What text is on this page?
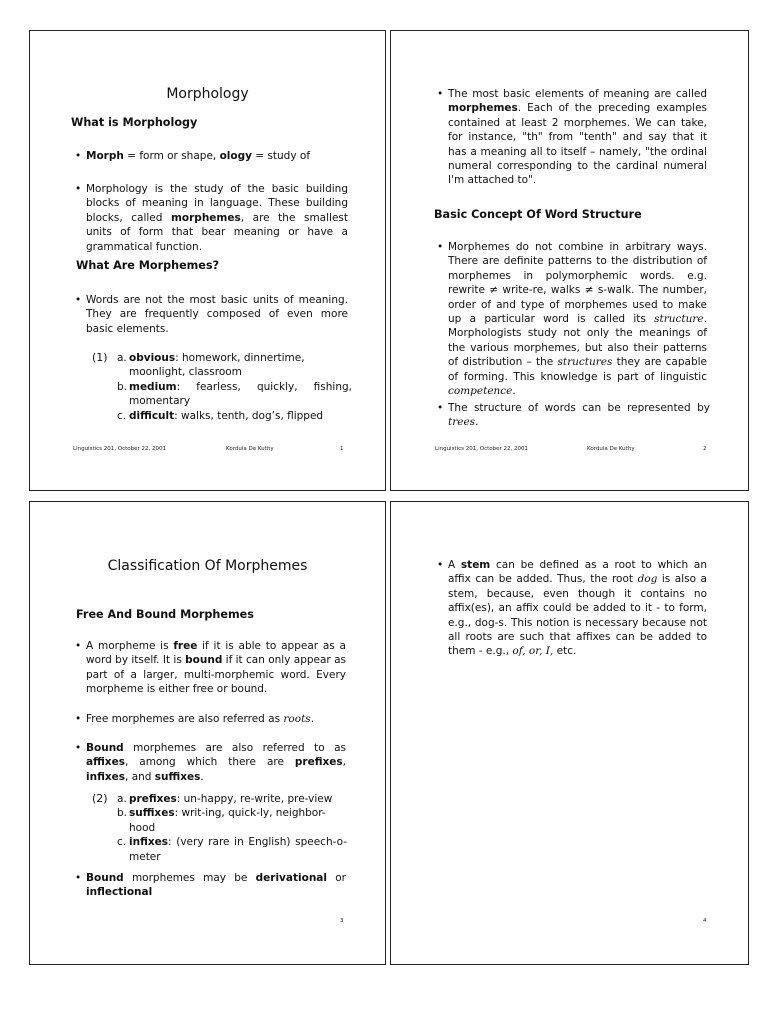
Morphology
What is Morphology
• Morph = form or shape, ology = study of
• Morphology is the study of the basic building blocks of meaning in language. These building blocks, called morphemes, are the smallest units of form that bear meaning or have a grammatical function.
What Are Morphemes?
• Words are not the most basic units of meaning. They are frequently composed of even more basic elements.
(1) a. obvious: homework, dinnertime, moonlight, classroom
b. medium: fearless, quickly, fishing, momentary
c. difficult: walks, tenth, dog’s, flipped
Linguistics 201, October 22, 2001	Kordula De Kuthy	1
• The most basic elements of meaning are called morphemes. Each of the preceding examples contained at least 2 morphemes. We can take, for instance, "th" from "tenth" and say that it has a meaning all to itself – namely, "the ordinal numeral corresponding to the cardinal numeral I'm attached to".
Basic Concept Of Word Structure
• Morphemes do not combine in arbitrary ways. There are definite patterns to the distribution of morphemes in polymorphemic words. e.g. rewrite ≠ write-re, walks ≠ s-walk. The number, order of and type of morphemes used to make up a particular word is called its structure. Morphologists study not only the meanings of the various morphemes, but also their patterns of distribution – the structures they are capable of forming. This knowledge is part of linguistic competence.
• The structure of words can be represented by trees.
Linguistics 201, October 22, 2001	Kordula De Kuthy	2
Classification Of Morphemes
Free And Bound Morphemes
• A morpheme is free if it is able to appear as a word by itself. It is bound if it can only appear as part of a larger, multi-morphemic word. Every morpheme is either free or bound.
• Free morphemes are also referred as roots.
• Bound morphemes are also referred to as affixes, among which there are prefixes, infixes, and suffixes.
(2) a. prefixes: un-happy, re-write, pre-view
b. suffixes: writ-ing, quick-ly, neighbor-hood
c. infixes: (very rare in English) speech-o-meter
• Bound morphemes may be derivational or inflectional
3
• A stem can be defined as a root to which an affix can be added. Thus, the root dog is also a stem, because, even though it contains no affix(es), an affix could be added to it - to form, e.g., dog-s. This notion is necessary because not all roots are such that affixes can be added to them - e.g., of, or, I, etc.
4
